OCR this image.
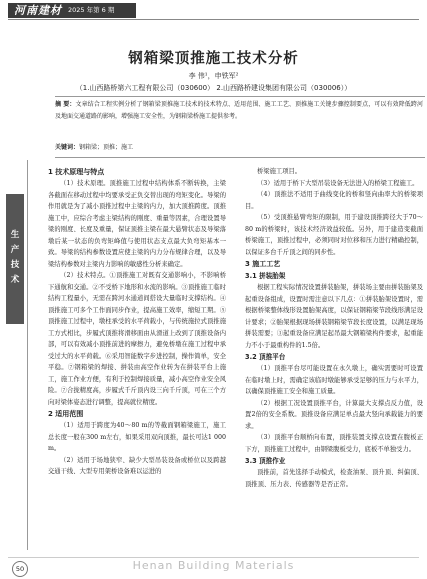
河南建材 2025 年第 6 期
钢箱梁顶推施工技术分析
李 伟¹，申铁军²
（1.山西路桥第六工程有限公司（030600） 2.山西路桥建设集团有限公司（030006））
摘 要：文章结合工程实例分析了钢箱梁顶推施工技术的技术特点、适用范围、施工工艺、顶推施工关键步骤控制要点，可以有效降低跨河及地面交通道路的影响，增强施工安全性，为钢箱梁桥施工提供参考。
关键词：钢箱梁；顶推；施工
生
产
技
术
1 技术原理与特点

（1）技术原理。顶推施工过程中结构体系不断转换，主梁各截面在移动过程中均要承受正负交替出现的弯矩变化。导梁的作用就是为了减小顶推过程中主梁的内力，加大顶推跨度。顶推施工中，应综合考虑主梁结构的刚度、重量等因素，合理设置导梁的刚度、长度及重量，保证顶推主梁在最大悬臂状态及导梁落墩后某一状态的负弯矩峰值与使用状态支点最大负弯矩基本一致。导梁的结构参数设置应使主梁的内力分布规律合理，以及导梁结构参数对主梁内力影响的敏感性分析来确定。

（2）技术特点。①顶推施工对既有交通影响小，不影响桥下通航和交通。②不受桥下地形和水流的影响。③顶推施工临时结构工程量小，无需在跨河水通道间搭设大量临时支撑结构。④顶推施工可多个工作面同步作业，提高施工效率，缩短工期。⑤顶推施工过程中，墩柱承受的水平荷载小，与传统施拉式顶推施工方式相比，步履式顶推将滑移面由从滑道上改到了顶推设备内部，可以有效减小顶推前进的摩擦力，避免桥墩在施工过程中承受过大的水平荷载。⑥采用智能数字步进控制，操作简单，安全平稳。⑦钢箱梁的焊接、拼装由高空作业转为在拼装平台上施工，施工作业方便，有利于控制焊接质量，减小高空作业安全风险。⑦合拢精度高，步履式千斤顶内设三向千斤顶，可在三个方向对梁体姿态进行调整，提高就位精度。

2 适用范围

（1）适用于跨度为40～80 m的等截面钢箱梁施工，施工总长度一般在300 m左右，如果采用双向顶推，最长可达1 000 m。

（2）适用于场地狭窄、缺少大型吊装设备或桥位以及跨越交通干线、大型专用架桥设备难以运进的

桥梁施工项目。

（3）适用于桥下大型吊装设备无法进入的桥梁工程施工。

（4）顶推法不适用于曲线变化的桥和竖向曲率大的桥梁项目。

（5）受顶推悬臂弯矩的限制，用于建设顶推跨径大于70～80 m的桥梁时，该技术经济效益较低。另外，用于建造变截面桥梁施工，顶推过程中，必须同时对位移和压力进行精确控制，以保证多台千斤顶之间的同步性。

3 施工工艺
3.1 拼装胎架

根据工程实际情况设置拼装胎架，拼装场主要由拼装胎架及起重设备组成，设置时需注意以下几点：①拼装胎架设置时，需根据桥梁整体线形设置胎架高度，以保证钢箱梁节段线形满足设计要求；②胎架根据现场拼装钢箱梁节段长度设置，以满足现场拼装需要；③起重设备应满足起吊最大钢箱梁构件要求，起重能力不小于最重构件的1.5倍。

3.2 顶推平台

（1）顶推平台尽可能设置在永久墩上，确实需要时可设置在临时墩上时，需确定该临时墩能够承受足够的压力与水平力，以确保顶推施工安全和施工质量。

（2）根据工况设置顶推平台，计算最大支撑点反力值，设置2倍的安全系数。顶推设备应满足单点最大竖向承载能力的要求。

（3）顶推平台顺桥向布置，顶推装置支撑点设置在腹板正下方，顶推施工过程中，由钢梁腹板受力，底板不单独受力。

3.3 顶推作业

顶推前，首先选择手动模式，检查油泵、顶升顶、纠偏顶、顶推顶、压力表、传感器等是否正常。

50	Henan Building Materials
